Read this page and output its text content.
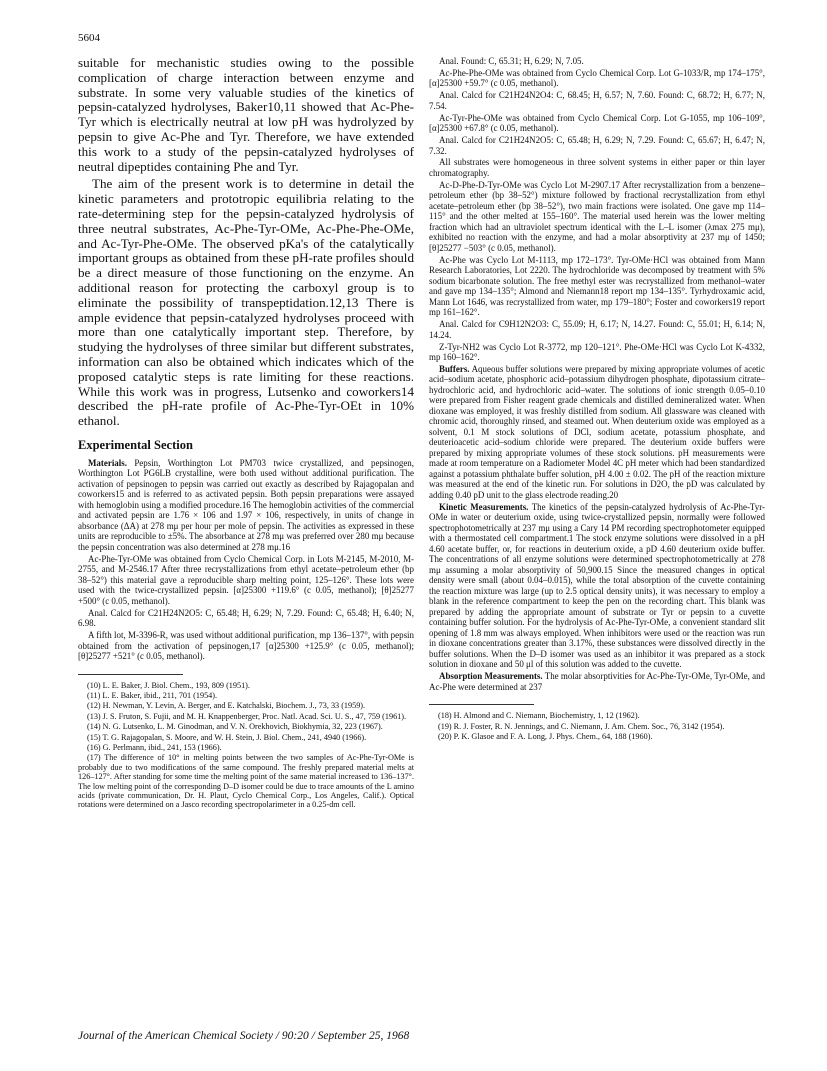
5604

suitable for mechanistic studies owing to the possible complication of charge interaction between enzyme and substrate. In some very valuable studies of the kinetics of pepsin-catalyzed hydrolyses, Baker10,11 showed that Ac-Phe-Tyr which is electrically neutral at low pH was hydrolyzed by pepsin to give Ac-Phe and Tyr. Therefore, we have extended this work to a study of the pepsin-catalyzed hydrolyses of neutral dipeptides containing Phe and Tyr.

The aim of the present work is to determine in detail the kinetic parameters and prototropic equilibria relating to the rate-determining step for the pepsin-catalyzed hydrolysis of three neutral substrates, Ac-Phe-Tyr-OMe, Ac-Phe-Phe-OMe, and Ac-Tyr-Phe-OMe. The observed pKa's of the catalytically important groups as obtained from these pH-rate profiles should be a direct measure of those functioning on the enzyme. An additional reason for protecting the carboxyl group is to eliminate the possibility of transpeptidation.12,13 There is ample evidence that pepsin-catalyzed hydrolyses proceed with more than one catalytically important step. Therefore, by studying the hydrolyses of three similar but different substrates, information can also be obtained which indicates which of the proposed catalytic steps is rate limiting for these reactions. While this work was in progress, Lutsenko and coworkers14 described the pH-rate profile of Ac-Phe-Tyr-OEt in 10% ethanol.

Experimental Section

Materials. Pepsin, Worthington Lot PM703 twice crystallized, and pepsinogen, Worthington Lot PG6LB crystalline, were both used without additional purification. The activation of pepsinogen to pepsin was carried out exactly as described by Rajagopalan and coworkers15 and is referred to as activated pepsin. Both pepsin preparations were assayed with hemoglobin using a modified procedure.16 The hemoglobin activities of the commercial and activated pepsin are 1.76 × 106 and 1.97 × 106, respectively, in units of change in absorbance (ΔA) at 278 mμ per hour per mole of pepsin. The activities as expressed in these units are reproducible to ±5%. The absorbance at 278 mμ was preferred over 280 mμ because the pepsin concentration was also determined at 278 mμ.16

Ac-Phe-Tyr-OMe was obtained from Cyclo Chemical Corp. in Lots M-2145, M-2010, M-2755, and M-2546.17 After three recrystallizations from ethyl acetate–petroleum ether (bp 38–52°) this material gave a reproducible sharp melting point, 125–126°. These lots were used with the twice-crystallized pepsin. [α]25300 +119.6° (c 0.05, methanol); [θ]25277 +500° (c 0.05, methanol).

Anal. Calcd for C21H24N2O5: C, 65.48; H, 6.29; N, 7.29. Found: C, 65.48; H, 6.40; N, 6.98.

A fifth lot, M-3396-R, was used without additional purification, mp 136–137°, with pepsin obtained from the activation of pepsinogen,17 [α]25300 +125.9° (c 0.05, methanol); [θ]25277 +521° (c 0.05, methanol).

(10) L. E. Baker, J. Biol. Chem., 193, 809 (1951).

(11) L. E. Baker, ibid., 211, 701 (1954).

(12) H. Newman, Y. Levin, A. Berger, and E. Katchalski, Biochem. J., 73, 33 (1959).

(13) J. S. Fruton, S. Fujii, and M. H. Knappenberger, Proc. Natl. Acad. Sci. U. S., 47, 759 (1961).

(14) N. G. Lutsenko, L. M. Ginodman, and V. N. Orekhovich, Biokhymia, 32, 223 (1967).

(15) T. G. Rajagopalan, S. Moore, and W. H. Stein, J. Biol. Chem., 241, 4940 (1966).

(16) G. Perlmann, ibid., 241, 153 (1966).

(17) The difference of 10° in melting points between the two samples of Ac-Phe-Tyr-OMe is probably due to two modifications of the same compound. The freshly prepared material melts at 126–127°. After standing for some time the melting point of the same material increased to 136–137°. The low melting point of the corresponding D–D isomer could be due to trace amounts of the L amino acids (private communication, Dr. H. Plaut, Cyclo Chemical Corp., Los Angeles, Calif.). Optical rotations were determined on a Jasco recording spectropolarimeter in a 0.25-dm cell.

Anal. Found: C, 65.31; H, 6.29; N, 7.05.

Ac-Phe-Phe-OMe was obtained from Cyclo Chemical Corp. Lot G-1033/R, mp 174–175°, [α]25300 +59.7° (c 0.05, methanol).

Anal. Calcd for C21H24N2O4: C, 68.45; H, 6.57; N, 7.60. Found: C, 68.72; H, 6.77; N, 7.54.

Ac-Tyr-Phe-OMe was obtained from Cyclo Chemical Corp. Lot G-1055, mp 106–109°, [α]25300 +67.8° (c 0.05, methanol).

Anal. Calcd for C21H24N2O5: C, 65.48; H, 6.29; N, 7.29. Found: C, 65.67; H, 6.47; N, 7.32.

All substrates were homogeneous in three solvent systems in either paper or thin layer chromatography.

Ac-D-Phe-D-Tyr-OMe was Cyclo Lot M-2907.17 After recrystallization from a benzene–petroleum ether (bp 38–52°) mixture followed by fractional recrystallization from ethyl acetate–petroleum ether (bp 38–52°), two main fractions were isolated. One gave mp 114–115° and the other melted at 155–160°. The material used herein was the lower melting fraction which had an ultraviolet spectrum identical with the L–L isomer (λmax 275 mμ), exhibited no reaction with the enzyme, and had a molar absorptivity at 237 mμ of 1450; [θ]25277 −503° (c 0.05, methanol).

Ac-Phe was Cyclo Lot M-1113, mp 172–173°. Tyr-OMe·HCl was obtained from Mann Research Laboratories, Lot 2220. The hydrochloride was decomposed by treatment with 5% sodium bicarbonate solution. The free methyl ester was recrystallized from methanol–water and gave mp 134–135°; Almond and Niemann18 report mp 134–135°. Tyrhydroxamic acid, Mann Lot 1646, was recrystallized from water, mp 179–180°; Foster and coworkers19 report mp 161–162°.

Anal. Calcd for C9H12N2O3: C, 55.09; H, 6.17; N, 14.27. Found: C, 55.01; H, 6.14; N, 14.24.

Z-Tyr-NH2 was Cyclo Lot R-3772, mp 120–121°. Phe-OMe·HCl was Cyclo Lot K-4332, mp 160–162°.

Buffers. Aqueous buffer solutions were prepared by mixing appropriate volumes of acetic acid–sodium acetate, phosphoric acid–potassium dihydrogen phosphate, dipotassium citrate–hydrochloric acid, and hydrochloric acid–water. The solutions of ionic strength 0.05–0.10 were prepared from Fisher reagent grade chemicals and distilled demineralized water. When dioxane was employed, it was freshly distilled from sodium. All glassware was cleaned with chromic acid, thoroughly rinsed, and steamed out. When deuterium oxide was employed as a solvent, 0.1 M stock solutions of DCl, sodium acetate, potassium phosphate, and deuterioacetic acid–sodium chloride were prepared. The deuterium oxide buffers were prepared by mixing appropriate volumes of these stock solutions. pH measurements were made at room temperature on a Radiometer Model 4C pH meter which had been standardized against a potassium phthalate buffer solution, pH 4.00 ± 0.02. The pH of the reaction mixture was measured at the end of the kinetic run. For solutions in D2O, the pD was calculated by adding 0.40 pD unit to the glass electrode reading.20

Kinetic Measurements. The kinetics of the pepsin-catalyzed hydrolysis of Ac-Phe-Tyr-OMe in water or deuterium oxide, using twice-crystallized pepsin, normally were followed spectrophotometrically at 237 mμ using a Cary 14 PM recording spectrophotometer equipped with a thermostated cell compartment.1 The stock enzyme solutions were dissolved in a pH 4.60 acetate buffer, or, for reactions in deuterium oxide, a pD 4.60 deuterium oxide buffer. The concentrations of all enzyme solutions were determined spectrophotometrically at 278 mμ assuming a molar absorptivity of 50,900.15 Since the measured changes in optical density were small (about 0.04–0.015), while the total absorption of the cuvette containing the reaction mixture was large (up to 2.5 optical density units), it was necessary to employ a blank in the reference compartment to keep the pen on the recording chart. This blank was prepared by adding the appropriate amount of substrate or Tyr or pepsin to a cuvette containing buffer solution. For the hydrolysis of Ac-Phe-Tyr-OMe, a convenient standard slit opening of 1.8 mm was always employed. When inhibitors were used or the reaction was run in dioxane concentrations greater than 3.17%, these substances were dissolved directly in the buffer solutions. When the D–D isomer was used as an inhibitor it was prepared as a stock solution in dioxane and 50 μl of this solution was added to the cuvette.

Absorption Measurements. The molar absorptivities for Ac-Phe-Tyr-OMe, Tyr-OMe, and Ac-Phe were determined at 237

(18) H. Almond and C. Niemann, Biochemistry, 1, 12 (1962).

(19) R. J. Foster, R. N. Jennings, and C. Niemann, J. Am. Chem. Soc., 76, 3142 (1954).

(20) P. K. Glasoe and F. A. Long, J. Phys. Chem., 64, 188 (1960).

Journal of the American Chemical Society / 90:20 / September 25, 1968
